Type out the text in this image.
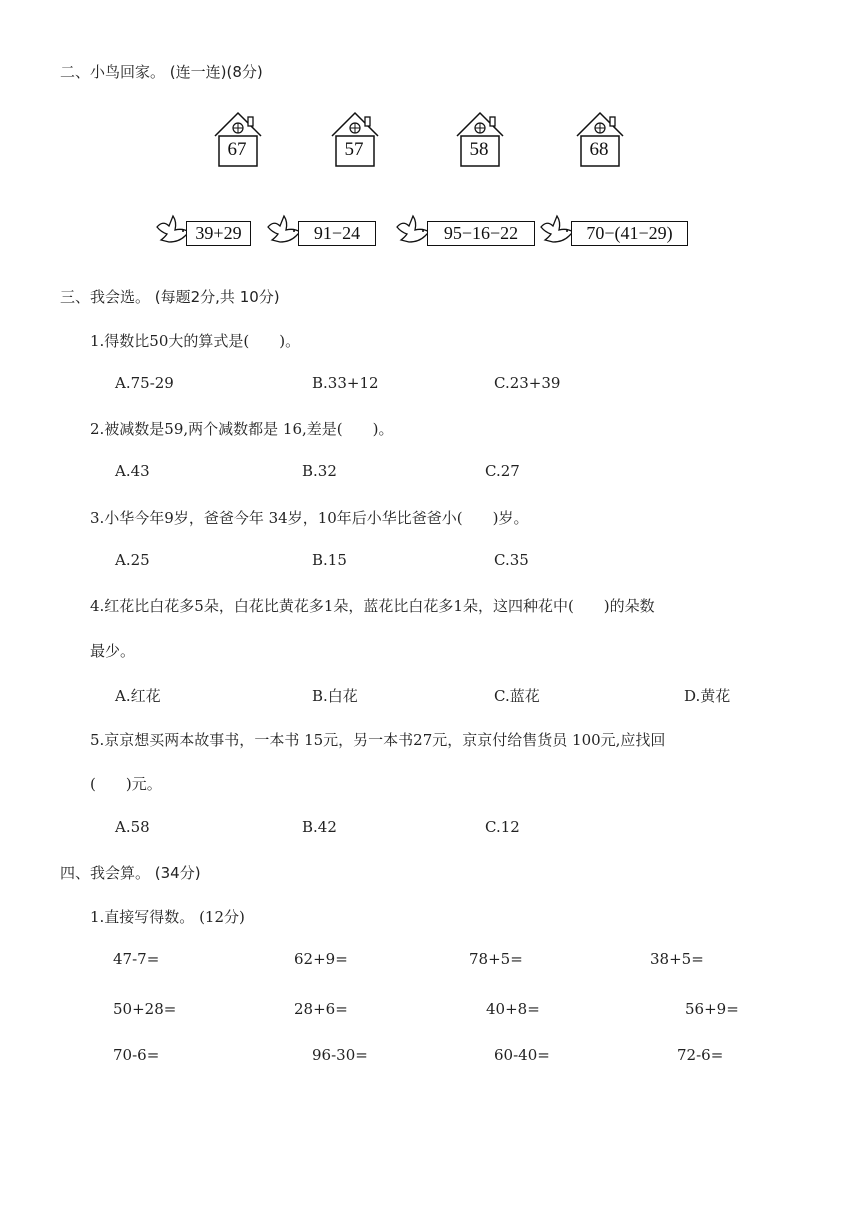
二、小鸟回家。 (连一连)(8分)
67	57	58	68
39+29	91−24	95−16−22	70−(41−29)
三、我会选。 (每题2分,共 10分)
1.得数比50大的算式是(　　)。
A.75-29	B.33+12	C.23+39
2.被减数是59,两个减数都是 16,差是(　　)。
A.43	B.32	C.27
3.小华今年9岁，爸爸今年 34岁，10年后小华比爸爸小(　　)岁。
A.25	B.15	C.35
4.红花比白花多5朵，白花比黄花多1朵，蓝花比白花多1朵，这四种花中(　　)的朵数
最少。
A.红花	B.白花	C.蓝花	D.黄花
5.京京想买两本故事书，一本书 15元，另一本书27元，京京付给售货员 100元,应找回
(　　)元。
A.58	B.42	C.12
四、我会算。 (34分)
1.直接写得数。 (12分)
47-7=	62+9=	78+5=	38+5=
50+28=	28+6=	40+8=	56+9=
70-6=	96-30=	60-40=	72-6=
